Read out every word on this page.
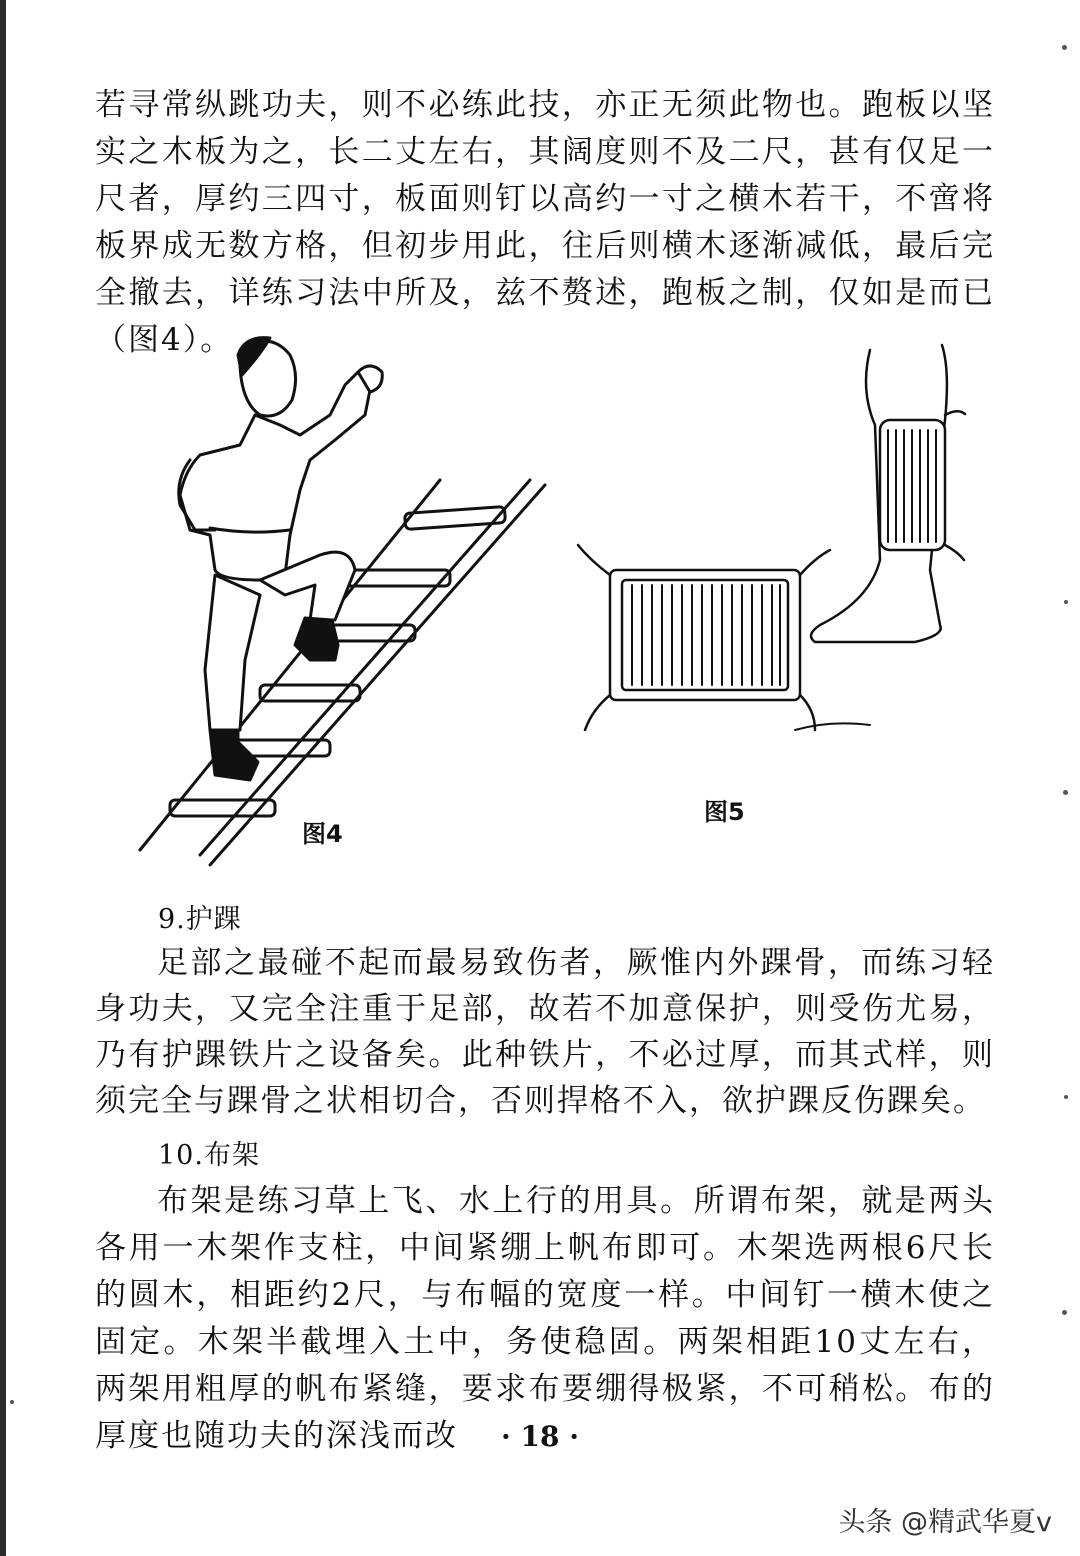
若寻常纵跳功夫，则不必练此技，亦正无须此物也。跑板以坚实之木板为之，长二丈左右，其阔度则不及二尺，甚有仅足一尺者，厚约三四寸，板面则钉以高约一寸之横木若干，不啻将板界成无数方格，但初步用此，往后则横木逐渐减低，最后完全撤去，详练习法中所及，兹不赘述，跑板之制，仅如是而已（图4）。

图4
图5

9.护踝

足部之最碰不起而最易致伤者，厥惟内外踝骨，而练习轻身功夫，又完全注重于足部，故若不加意保护，则受伤尤易，乃有护踝铁片之设备矣。此种铁片，不必过厚，而其式样，则须完全与踝骨之状相切合，否则捍格不入，欲护踝反伤踝矣。

10.布架

布架是练习草上飞、水上行的用具。所谓布架，就是两头各用一木架作支柱，中间紧绷上帆布即可。木架选两根6尺长的圆木，相距约2尺，与布幅的宽度一样。中间钉一横木使之固定。木架半截埋入土中，务使稳固。两架相距10丈左右，两架用粗厚的帆布紧缝，要求布要绷得极紧，不可稍松。布的厚度也随功夫的深浅而改	· 18 ·
头条 @精武华夏v
